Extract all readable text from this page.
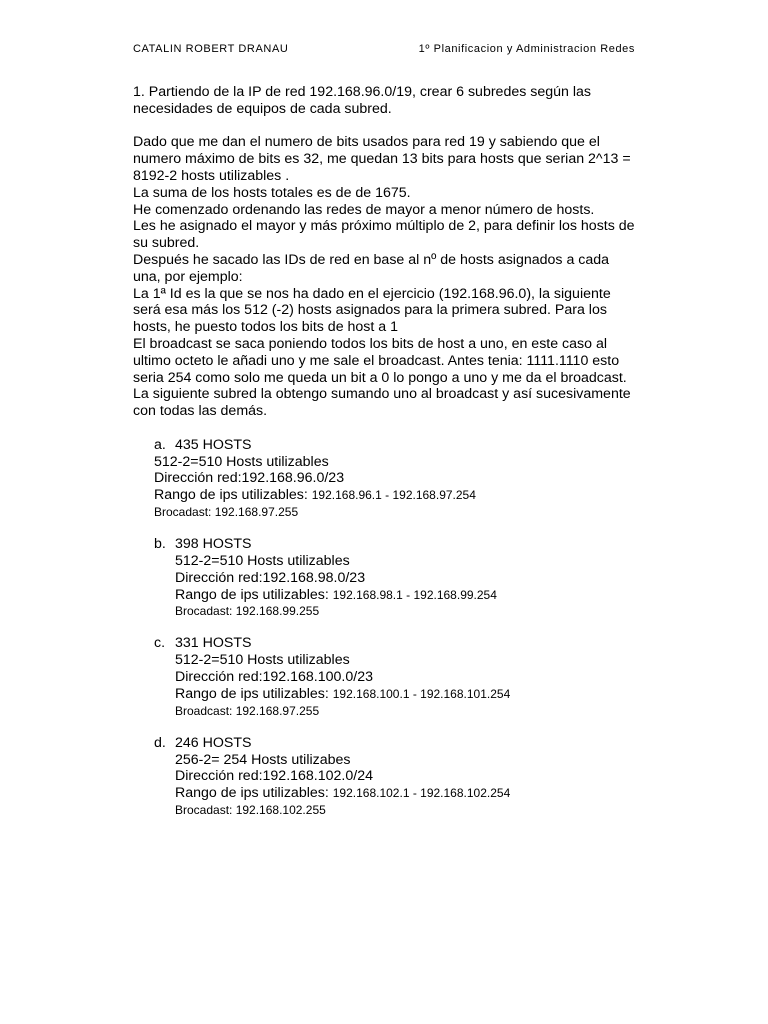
CATALIN ROBERT DRANAU	1º Planificacion y Administracion Redes

1. Partiendo de la IP de red 192.168.96.0/19, crear 6 subredes según las necesidades de equipos de cada subred.

Dado que me dan el numero de bits usados para red 19 y sabiendo que el numero máximo de bits es 32, me quedan 13 bits para hosts que serian 2^13 = 8192-2 hosts utilizables .

La suma de los hosts totales es de de 1675.

He comenzado ordenando las redes de mayor a menor número de hosts.

Les he asignado el mayor y más próximo múltiplo de 2, para definir los hosts de su subred.

Después he sacado las IDs de red en base al nº de hosts asignados a cada una, por ejemplo:

La 1ª Id es la que se nos ha dado en el ejercicio (192.168.96.0), la siguiente será esa más los 512 (-2) hosts asignados para la primera subred. Para los hosts, he puesto todos los bits de host a 1

El broadcast se saca poniendo todos los bits de host a uno, en este caso al ultimo octeto le añadi uno y me sale el broadcast. Antes tenia: 1111.1110 esto seria 254 como solo me queda un bit a 0 lo pongo a uno y me da el broadcast.

La siguiente subred la obtengo sumando uno al broadcast y así sucesivamente con todas las demás.

a. 435 HOSTS
512-2=510 Hosts utilizables
Dirección red:192.168.96.0/23
Rango de ips utilizables: 192.168.96.1 - 192.168.97.254
Brocadast: 192.168.97.255
b. 398 HOSTS
512-2=510 Hosts utilizables
Dirección red:192.168.98.0/23
Rango de ips utilizables: 192.168.98.1 - 192.168.99.254
Brocadast: 192.168.99.255
c. 331 HOSTS
512-2=510 Hosts utilizables
Dirección red:192.168.100.0/23
Rango de ips utilizables: 192.168.100.1 - 192.168.101.254
Broadcast: 192.168.97.255
d. 246 HOSTS
256-2= 254 Hosts utilizabes
Dirección red:192.168.102.0/24
Rango de ips utilizables: 192.168.102.1 - 192.168.102.254
Brocadast: 192.168.102.255
